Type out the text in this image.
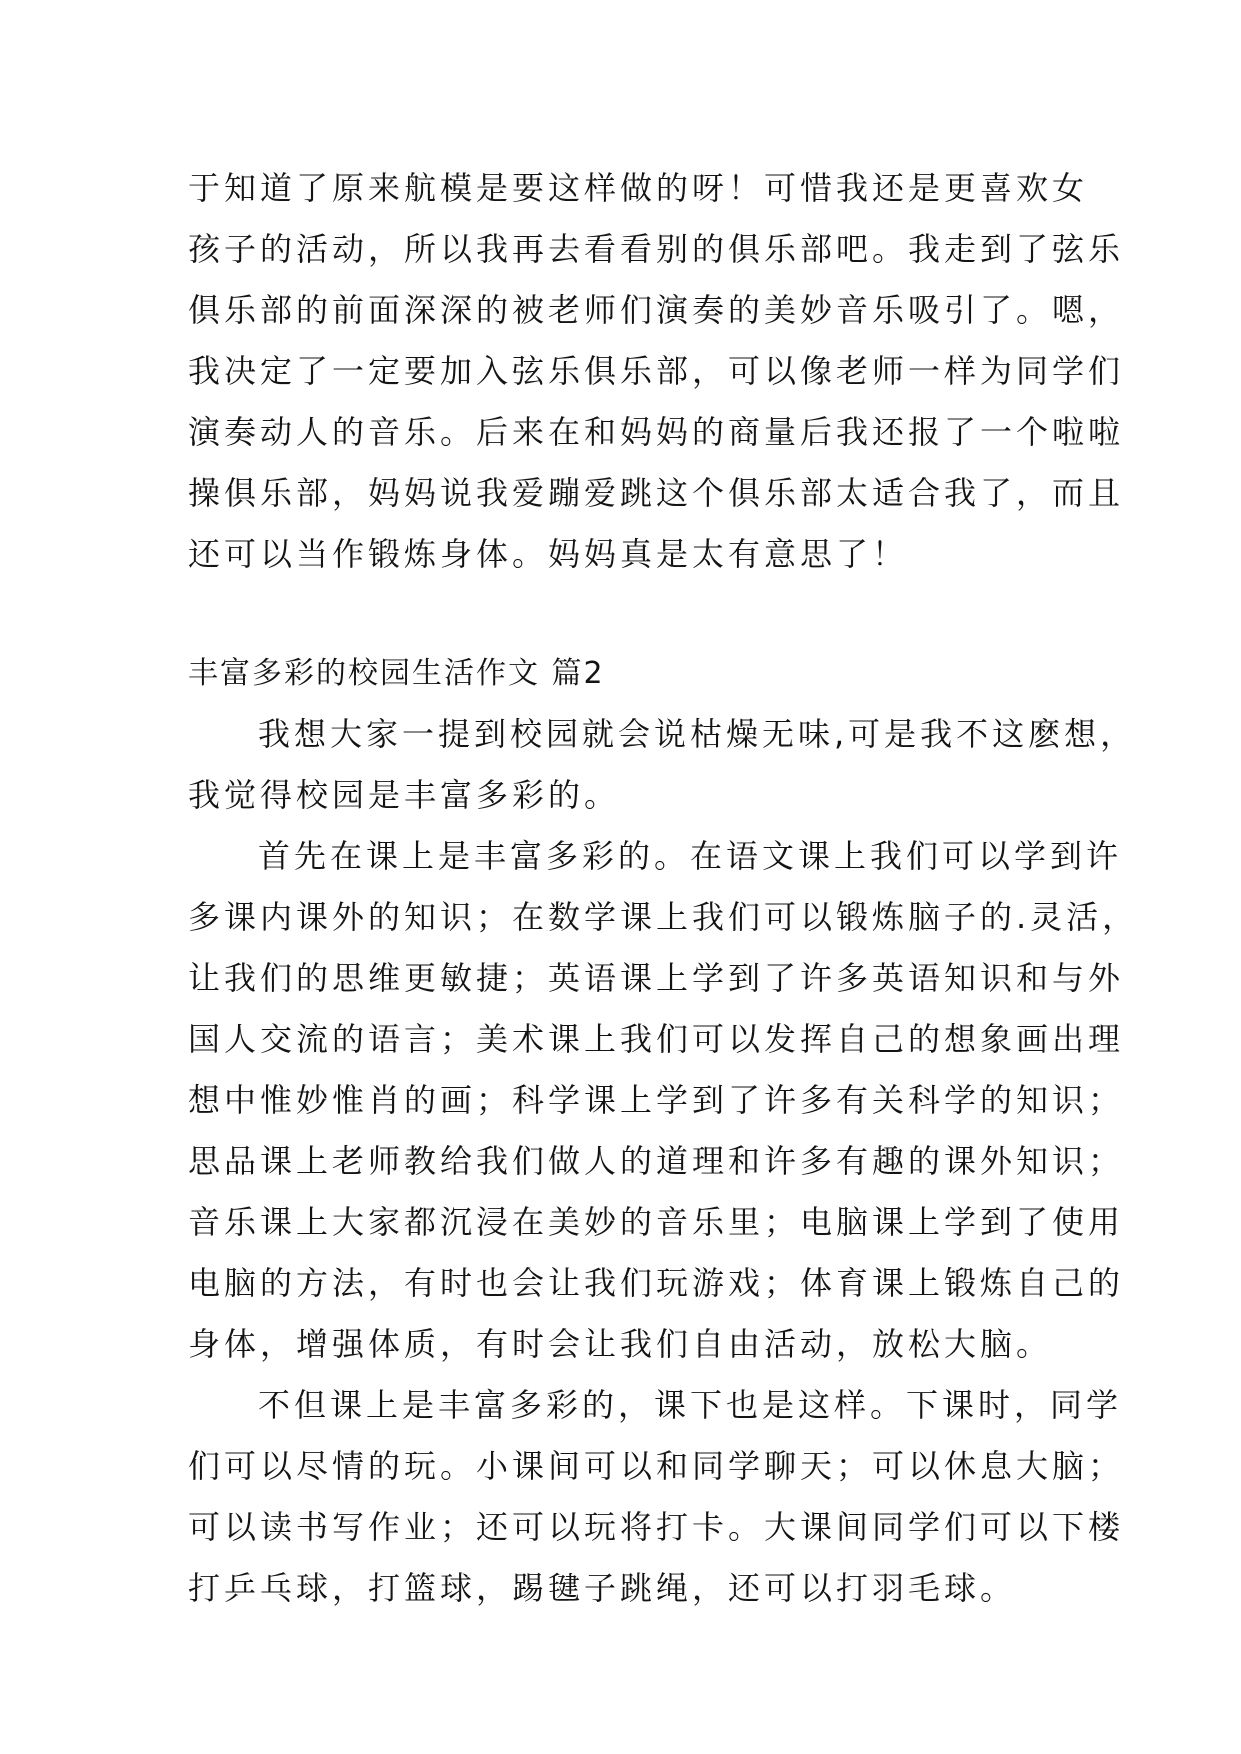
于知道了原来航模是要这样做的呀！可惜我还是更喜欢女
孩子的活动，所以我再去看看别的俱乐部吧。我走到了弦乐
俱乐部的前面深深的被老师们演奏的美妙音乐吸引了。嗯，
我决定了一定要加入弦乐俱乐部，可以像老师一样为同学们
演奏动人的音乐。后来在和妈妈的商量后我还报了一个啦啦
操俱乐部，妈妈说我爱蹦爱跳这个俱乐部太适合我了，而且
还可以当作锻炼身体。妈妈真是太有意思了！
丰富多彩的校园生活作文 篇2
我想大家一提到校园就会说枯燥无味,可是我不这麽想，
我觉得校园是丰富多彩的。
首先在课上是丰富多彩的。在语文课上我们可以学到许
多课内课外的知识；在数学课上我们可以锻炼脑子的.灵活，
让我们的思维更敏捷；英语课上学到了许多英语知识和与外
国人交流的语言；美术课上我们可以发挥自己的想象画出理
想中惟妙惟肖的画；科学课上学到了许多有关科学的知识；
思品课上老师教给我们做人的道理和许多有趣的课外知识；
音乐课上大家都沉浸在美妙的音乐里；电脑课上学到了使用
电脑的方法，有时也会让我们玩游戏；体育课上锻炼自己的
身体，增强体质，有时会让我们自由活动，放松大脑。
不但课上是丰富多彩的，课下也是这样。下课时，同学
们可以尽情的玩。小课间可以和同学聊天；可以休息大脑；
可以读书写作业；还可以玩将打卡。大课间同学们可以下楼
打乒乓球，打篮球，踢毽子跳绳，还可以打羽毛球。
